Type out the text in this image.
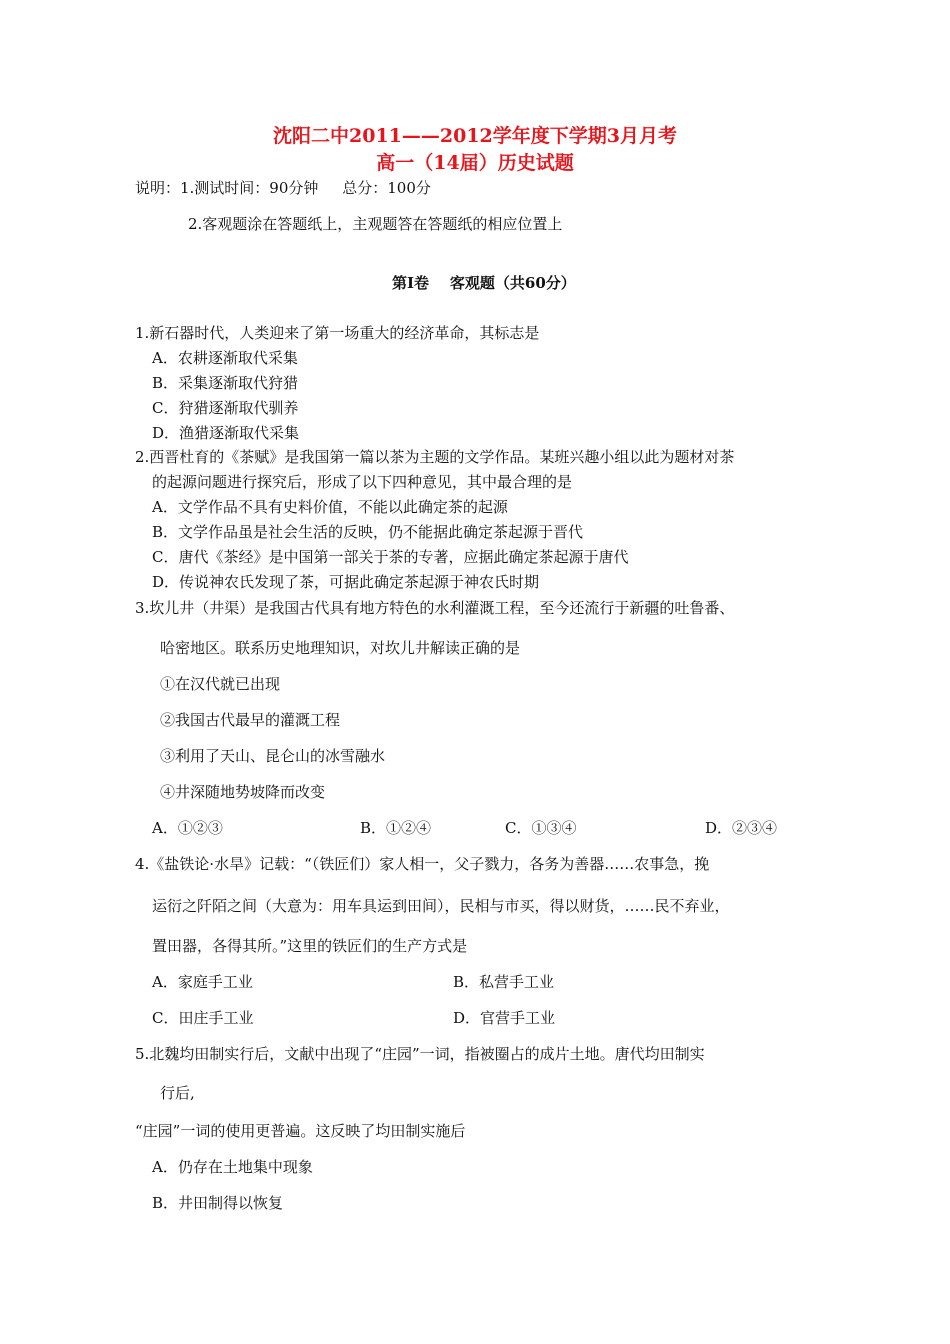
沈阳二中2011——2012学年度下学期3月月考
高一（14届）历史试题
说明：1.测试时间：90分钟     总分：100分
2.客观题涂在答题纸上，主观题答在答题纸的相应位置上
第Ⅰ卷    客观题（共60分）
1.新石器时代，人类迎来了第一场重大的经济革命，其标志是
A．农耕逐渐取代采集
B．采集逐渐取代狩猎
C．狩猎逐渐取代驯养
D．渔猎逐渐取代采集
2.西晋杜育的《茶赋》是我国第一篇以茶为主题的文学作品。某班兴趣小组以此为题材对茶
的起源问题进行探究后，形成了以下四种意见，其中最合理的是
A．文学作品不具有史料价值，不能以此确定茶的起源
B．文学作品虽是社会生活的反映，仍不能据此确定茶起源于晋代
C．唐代《茶经》是中国第一部关于茶的专著，应据此确定茶起源于唐代
D．传说神农氏发现了茶，可据此确定茶起源于神农氏时期
3.坎儿井（井渠）是我国古代具有地方特色的水利灌溉工程，至今还流行于新疆的吐鲁番、
哈密地区。联系历史地理知识，对坎儿井解读正确的是
①在汉代就已出现
②我国古代最早的灌溉工程
③利用了天山、昆仑山的冰雪融水
④井深随地势坡降而改变
A．①②③	B．①②④	C．①③④	D．②③④
4.《盐铁论·水旱》记载：“（铁匠们）家人相一，父子戮力，各务为善器……农事急，挽
运衍之阡陌之间（大意为：用车具运到田间），民相与市买，得以财货，……民不弃业，
置田器，各得其所。”这里的铁匠们的生产方式是
A．家庭手工业	B．私营手工业
C．田庄手工业	D．官营手工业
5.北魏均田制实行后，文献中出现了“庄园”一词，指被圈占的成片土地。唐代均田制实
行后,
“庄园”一词的使用更普遍。这反映了均田制实施后
A．仍存在土地集中现象
B．井田制得以恢复
